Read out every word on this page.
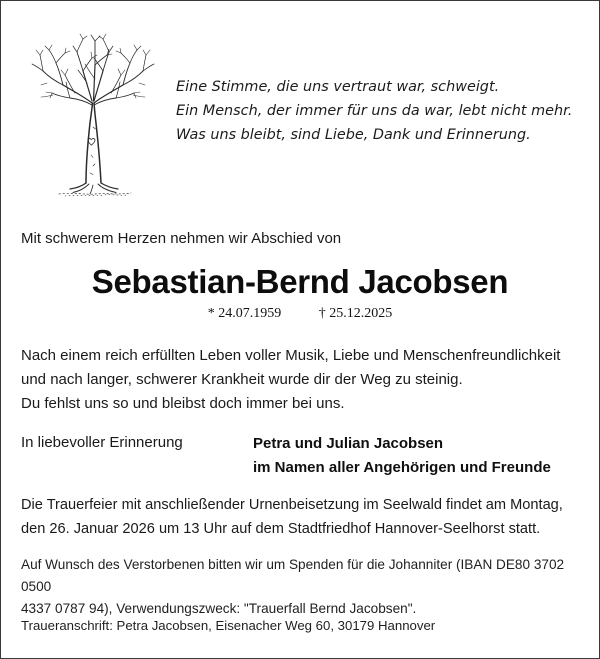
Eine Stimme, die uns vertraut war, schweigt.
Ein Mensch, der immer für uns da war, lebt nicht mehr.
Was uns bleibt, sind Liebe, Dank und Erinnerung.
Mit schwerem Herzen nehmen wir Abschied von
Sebastian-Bernd Jacobsen
* 24.07.1959	† 25.12.2025
Nach einem reich erfüllten Leben voller Musik, Liebe und Menschenfreundlichkeit
und nach langer, schwerer Krankheit wurde dir der Weg zu steinig.
Du fehlst uns so und bleibst doch immer bei uns.
In liebevoller Erinnerung	Petra und Julian Jacobsen
im Namen aller Angehörigen und Freunde
Die Trauerfeier mit anschließender Urnenbeisetzung im Seelwald findet am Montag,
den 26. Januar 2026 um 13 Uhr auf dem Stadtfriedhof Hannover-Seelhorst statt.
Auf Wunsch des Verstorbenen bitten wir um Spenden für die Johanniter (IBAN DE80 3702 0500
4337 0787 94), Verwendungszweck: "Trauerfall Bernd Jacobsen".
Traueranschrift: Petra Jacobsen, Eisenacher Weg 60, 30179 Hannover
